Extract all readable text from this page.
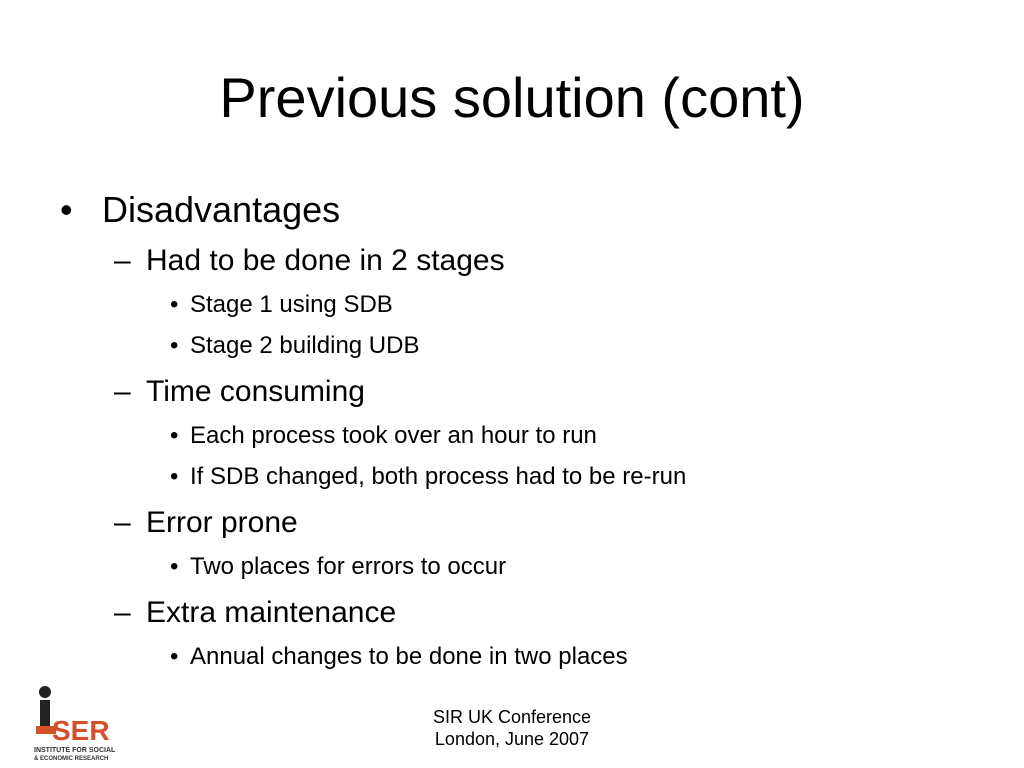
Previous solution (cont)
• Disadvantages
– Had to be done in 2 stages
• Stage 1 using SDB
• Stage 2 building UDB
– Time consuming
• Each process took over an hour to run
• If SDB changed, both process had to be re-run
– Error prone
• Two places for errors to occur
– Extra maintenance
• Annual changes to be done in two places
SER
INSTITUTE FOR SOCIAL
& ECONOMIC RESEARCH
SIR UK Conference
London, June 2007
